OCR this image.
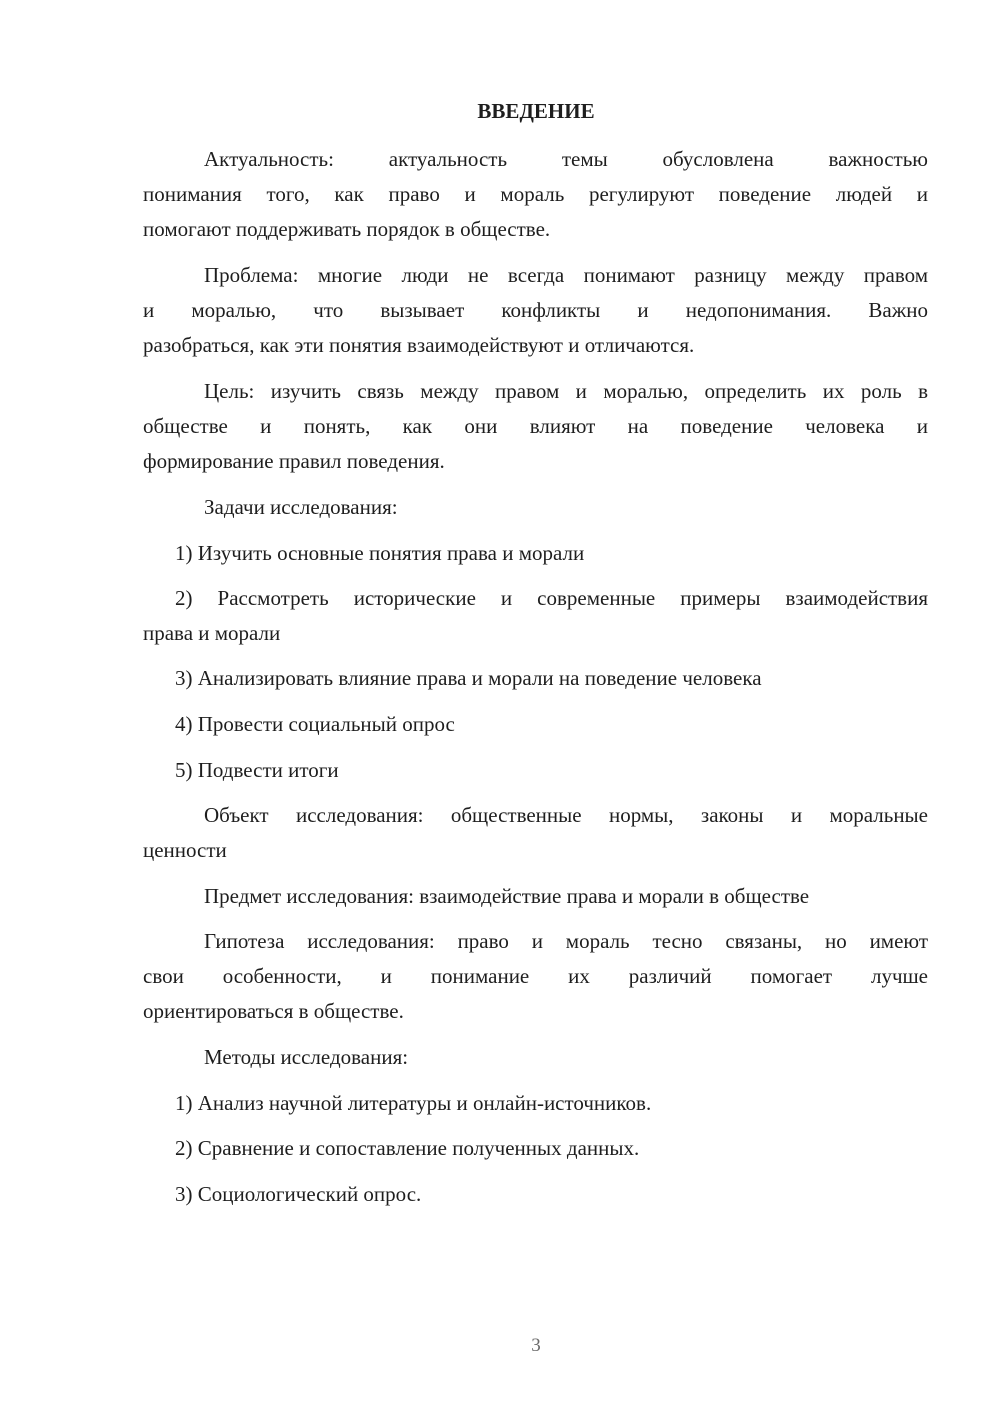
ВВЕДЕНИЕ
Актуальность: актуальность темы обусловлена важностью
понимания того, как право и мораль регулируют поведение людей и
помогают поддерживать порядок в обществе.
Проблема: многие люди не всегда понимают разницу между правом
и моралью, что вызывает конфликты и недопонимания. Важно
разобраться, как эти понятия взаимодействуют и отличаются.
Цель: изучить связь между правом и моралью, определить их роль в
обществе и понять, как они влияют на поведение человека и
формирование правил поведения.
Задачи исследования:
1) Изучить основные понятия права и морали
2) Рассмотреть исторические и современные примеры взаимодействия
права и морали
3) Анализировать влияние права и морали на поведение человека
4) Провести социальный опрос
5) Подвести итоги
Объект исследования: общественные нормы, законы и моральные
ценности
Предмет исследования: взаимодействие права и морали в обществе
Гипотеза исследования: право и мораль тесно связаны, но имеют
свои особенности, и понимание их различий помогает лучше
ориентироваться в обществе.
Методы исследования:
1) Анализ научной литературы и онлайн-источников.
2) Сравнение и сопоставление полученных данных.
3) Социологический опрос.
3
